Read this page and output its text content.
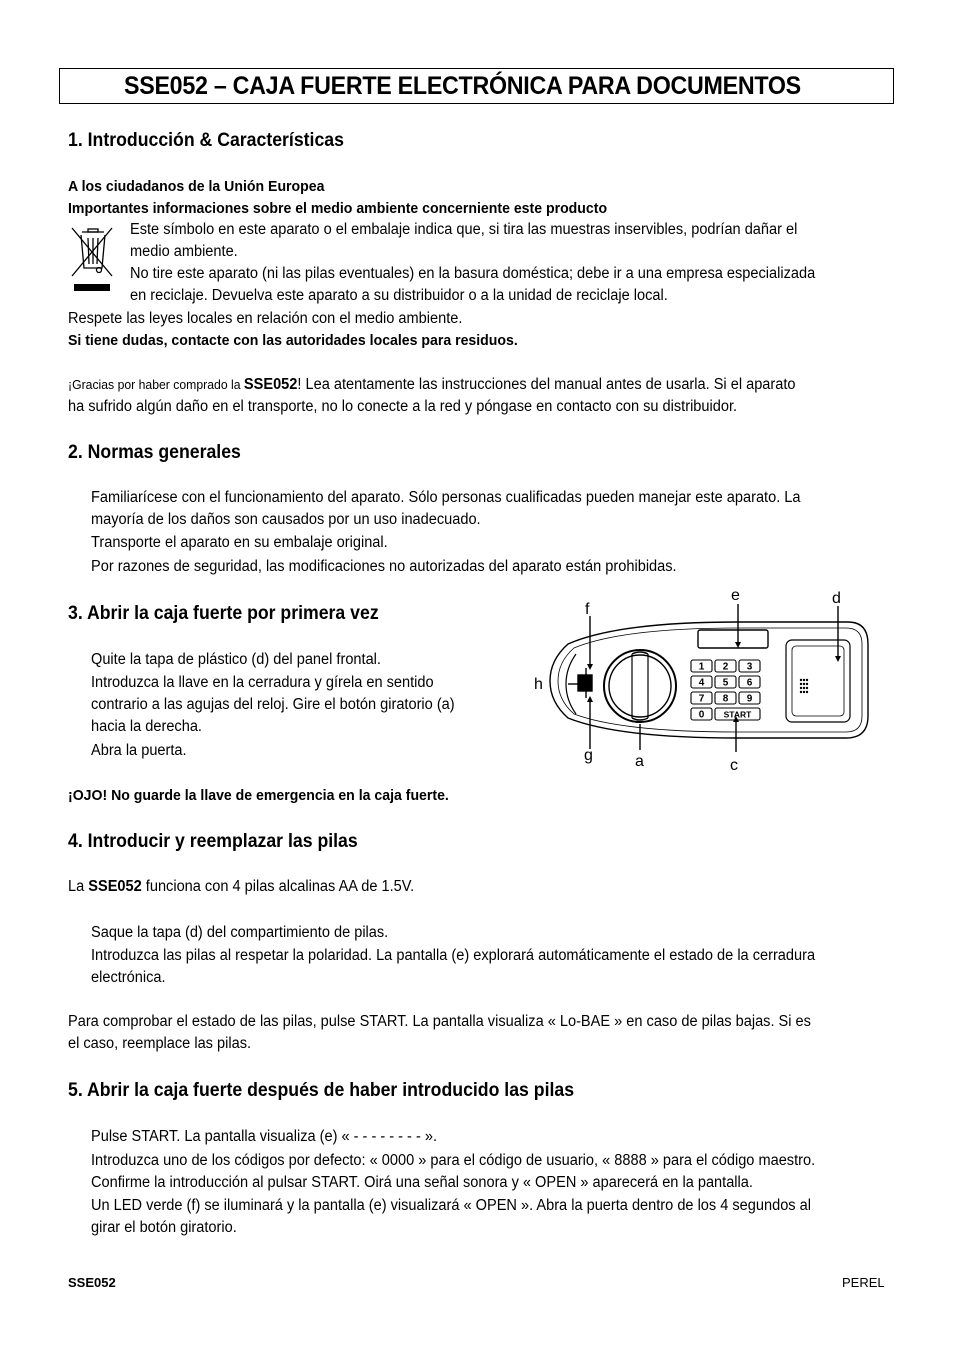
SSE052 – CAJA FUERTE ELECTRÓNICA PARA DOCUMENTOS
1. Introducción & Características
A los ciudadanos de la Unión Europea
Importantes informaciones sobre el medio ambiente concerniente este producto
Este símbolo en este aparato o el embalaje indica que, si tira las muestras inservibles, podrían dañar el
medio ambiente.
No tire este aparato (ni las pilas eventuales) en la basura doméstica; debe ir a una empresa especializada
en reciclaje. Devuelva este aparato a su distribuidor o a la unidad de reciclaje local.
Respete las leyes locales en relación con el medio ambiente.
Si tiene dudas, contacte con las autoridades locales para residuos.
¡Gracias por haber comprado la SSE052! Lea atentamente las instrucciones del manual antes de usarla. Si el aparato
ha sufrido algún daño en el transporte, no lo conecte a la red y póngase en contacto con su distribuidor.
2. Normas generales
Familiarícese con el funcionamiento del aparato. Sólo personas cualificadas pueden manejar este aparato. La
mayoría de los daños son causados por un uso inadecuado.
Transporte el aparato en su embalaje original.
Por razones de seguridad, las modificaciones no autorizadas del aparato están prohibidas.
3. Abrir la caja fuerte por primera vez
Quite la tapa de plástico (d) del panel frontal.
Introduzca la llave en la cerradura y gírela en sentido
contrario a las agujas del reloj. Gire el botón giratorio (a)
hacia la derecha.
Abra la puerta.
¡OJO! No guarde la llave de emergencia en la caja fuerte.
1 2 3
4 5 6
7 8 9
0 START
e	d
f
h
g	a	c
4. Introducir y reemplazar las pilas
La SSE052 funciona con 4 pilas alcalinas AA de 1.5V.
Saque la tapa (d) del compartimiento de pilas.
Introduzca las pilas al respetar la polaridad. La pantalla (e) explorará automáticamente el estado de la cerradura
electrónica.
Para comprobar el estado de las pilas, pulse START. La pantalla visualiza « Lo-BAE » en caso de pilas bajas. Si es
el caso, reemplace las pilas.
5. Abrir la caja fuerte después de haber introducido las pilas
Pulse START. La pantalla visualiza (e) « - - - - - - - - ».
Introduzca uno de los códigos por defecto: « 0000 » para el código de usuario, « 8888 » para el código maestro.
Confirme la introducción al pulsar START. Oirá una señal sonora y « OPEN » aparecerá en la pantalla.
Un LED verde (f) se iluminará y la pantalla (e) visualizará « OPEN ». Abra la puerta dentro de los 4 segundos al
girar el botón giratorio.
SSE052	PEREL
